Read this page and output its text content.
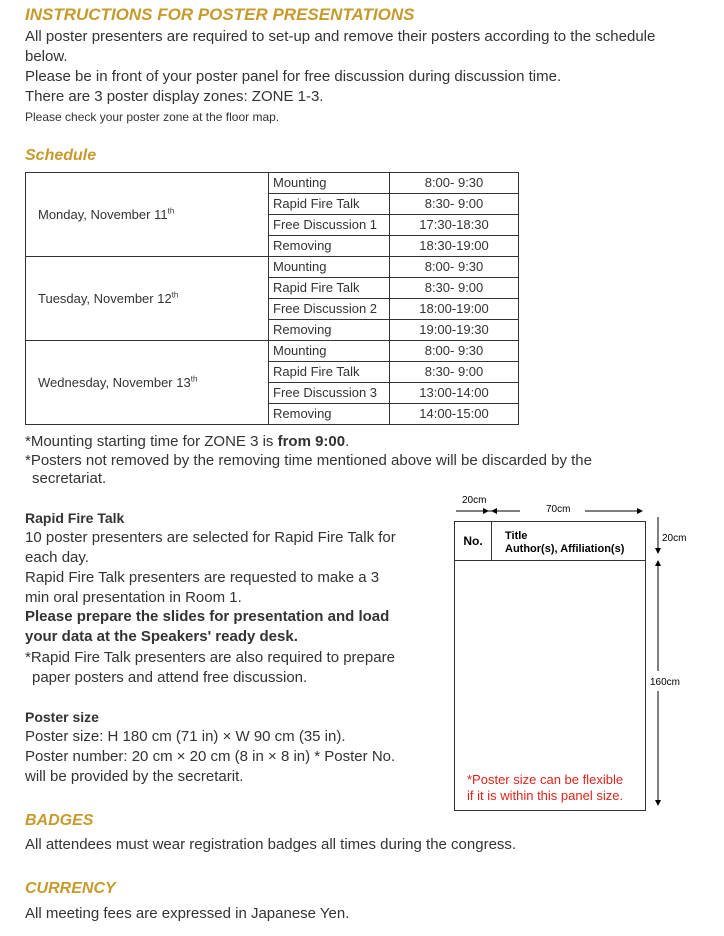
INSTRUCTIONS FOR POSTER PRESENTATIONS
All poster presenters are required to set-up and remove their posters according to the schedule
below.
Please be in front of your poster panel for free discussion during discussion time.
There are 3 poster display zones: ZONE 1-3.
Please check your poster zone at the floor map.
Schedule
Monday, November 11th	Mounting	8:00- 9:30
	Rapid Fire Talk	8:30- 9:00
	Free Discussion 1	17:30-18:30
	Removing	18:30-19:00
Tuesday, November 12th	Mounting	8:00- 9:30
	Rapid Fire Talk	8:30- 9:00
	Free Discussion 2	18:00-19:00
	Removing	19:00-19:30
Wednesday, November 13th	Mounting	8:00- 9:30
	Rapid Fire Talk	8:30- 9:00
	Free Discussion 3	13:00-14:00
	Removing	14:00-15:00
*Mounting starting time for ZONE 3 is from 9:00.
*Posters not removed by the removing time mentioned above will be discarded by the
secretariat.
Rapid Fire Talk
10 poster presenters are selected for Rapid Fire Talk for
each day.
Rapid Fire Talk presenters are requested to make a 3
min oral presentation in Room 1.
Please prepare the slides for presentation and load
your data at the Speakers' ready desk.
*Rapid Fire Talk presenters are also required to prepare
paper posters and attend free discussion.
Poster size
Poster size: H 180 cm (71 in) × W 90 cm (35 in).
Poster number: 20 cm × 20 cm (8 in × 8 in) * Poster No.
will be provided by the secretarit.
20cm
70cm
20cm
160cm
No.	Title
Author(s), Affiliation(s)
*Poster size can be flexible
if it is within this panel size.
BADGES
All attendees must wear registration badges all times during the congress.
CURRENCY
All meeting fees are expressed in Japanese Yen.
